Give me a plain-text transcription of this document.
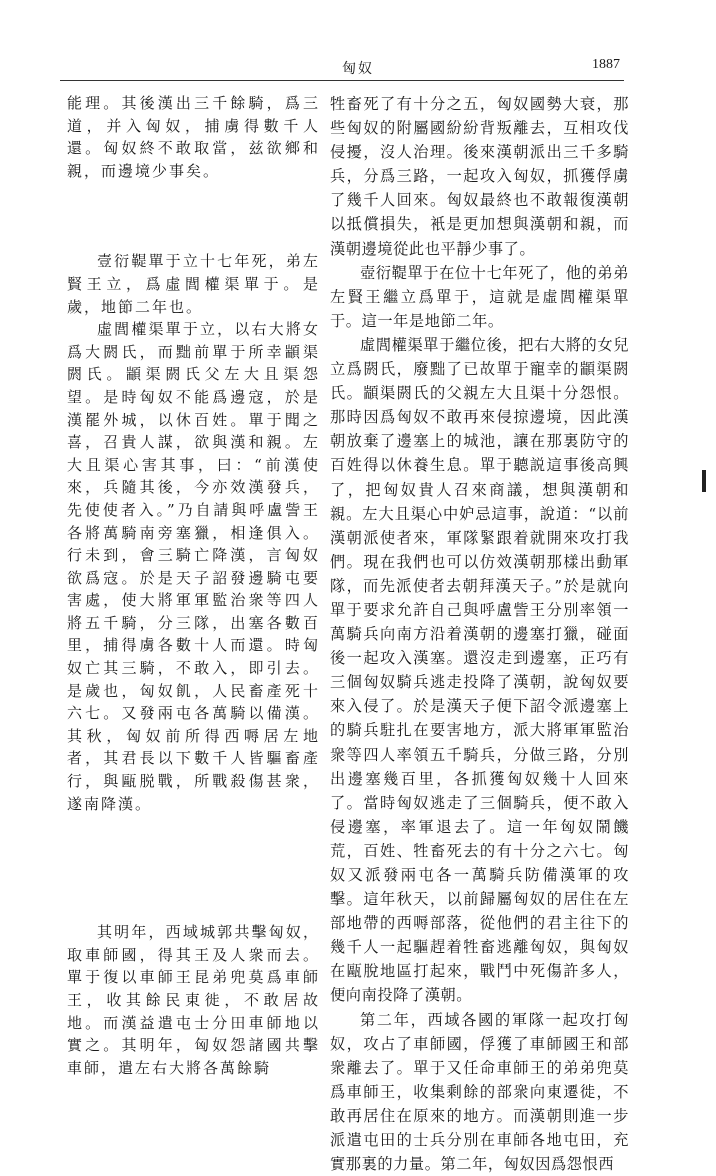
匈奴	1887

能理。其後漢出三千餘騎，爲三道，并入匈奴，捕虜得數千人還。匈奴終不敢取當，兹欲鄉和親，而邊境少事矣。

壹衍鞮單于立十七年死，弟左賢王立，爲虛閭權渠單于。是歲，地節二年也。

虛閭權渠單于立，以右大將女爲大閼氏，而黜前單于所幸顓渠閼氏。顓渠閼氏父左大且渠怨望。是時匈奴不能爲邊寇，於是漢罷外城，以休百姓。單于聞之喜，召貴人謀，欲與漢和親。左大且渠心害其事，曰：“前漢使來，兵隨其後，今亦效漢發兵，先使使者入。”乃自請與呼盧訾王各將萬騎南旁塞獵，相逢俱入。行未到，會三騎亡降漢，言匈奴欲爲寇。於是天子詔發邊騎屯要害處，使大將軍軍監治衆等四人將五千騎，分三隊，出塞各數百里，捕得虜各數十人而還。時匈奴亡其三騎，不敢入，即引去。是歲也，匈奴飢，人民畜產死十六七。又發兩屯各萬騎以備漢。其秋，匈奴前所得西嗕居左地者，其君長以下數千人皆驅畜產行，與甌脱戰，所戰殺傷甚衆，遂南降漢。

其明年，西域城郭共擊匈奴，取車師國，得其王及人衆而去。單于復以車師王昆弟兜莫爲車師王，收其餘民東徙，不敢居故地。而漢益遣屯士分田車師地以實之。其明年，匈奴怨諸國共擊車師，遣左右大將各萬餘騎

牲畜死了有十分之五，匈奴國勢大衰，那些匈奴的附屬國紛紛背叛離去，互相攻伐侵擾，沒人治理。後來漢朝派出三千多騎兵，分爲三路，一起攻入匈奴，抓獲俘虜了幾千人回來。匈奴最終也不敢報復漢朝以抵償損失，衹是更加想與漢朝和親，而漢朝邊境從此也平靜少事了。

壺衍鞮單于在位十七年死了，他的弟弟左賢王繼立爲單于，這就是虛閭權渠單于。這一年是地節二年。

虛閭權渠單于繼位後，把右大將的女兒立爲閼氏，廢黜了已故單于寵幸的顓渠閼氏。顓渠閼氏的父親左大且渠十分怨恨。那時因爲匈奴不敢再來侵掠邊境，因此漢朝放棄了邊塞上的城池，讓在那裏防守的百姓得以休養生息。單于聽説這事後高興了，把匈奴貴人召來商議，想與漢朝和親。左大且渠心中妒忌這事，說道：“以前漢朝派使者來，軍隊緊跟着就開來攻打我們。現在我們也可以仿效漢朝那樣出動軍隊，而先派使者去朝拜漢天子。”於是就向單于要求允許自己與呼盧訾王分別率領一萬騎兵向南方沿着漢朝的邊塞打獵，碰面後一起攻入漢塞。還沒走到邊塞，正巧有三個匈奴騎兵逃走投降了漢朝，說匈奴要來入侵了。於是漢天子便下詔令派邊塞上的騎兵駐扎在要害地方，派大將軍軍監治衆等四人率領五千騎兵，分做三路，分別出邊塞幾百里，各抓獲匈奴幾十人回來了。當時匈奴逃走了三個騎兵，便不敢入侵邊塞，率軍退去了。這一年匈奴鬧饑荒，百姓、牲畜死去的有十分之六七。匈奴又派發兩屯各一萬騎兵防備漢軍的攻擊。這年秋天，以前歸屬匈奴的居住在左部地帶的西嗕部落，從他們的君主往下的幾千人一起驅趕着牲畜逃離匈奴，與匈奴在甌脫地區打起來，戰鬥中死傷許多人，便向南投降了漢朝。

第二年，西域各國的軍隊一起攻打匈奴，攻占了車師國，俘獲了車師國王和部衆離去了。單于又任命車師王的弟弟兜莫爲車師王，收集剩餘的部衆向東遷徙，不敢再居住在原來的地方。而漢朝則進一步派遣屯田的士兵分別在車師各地屯田，充實那裏的力量。第二年，匈奴因爲怨恨西
